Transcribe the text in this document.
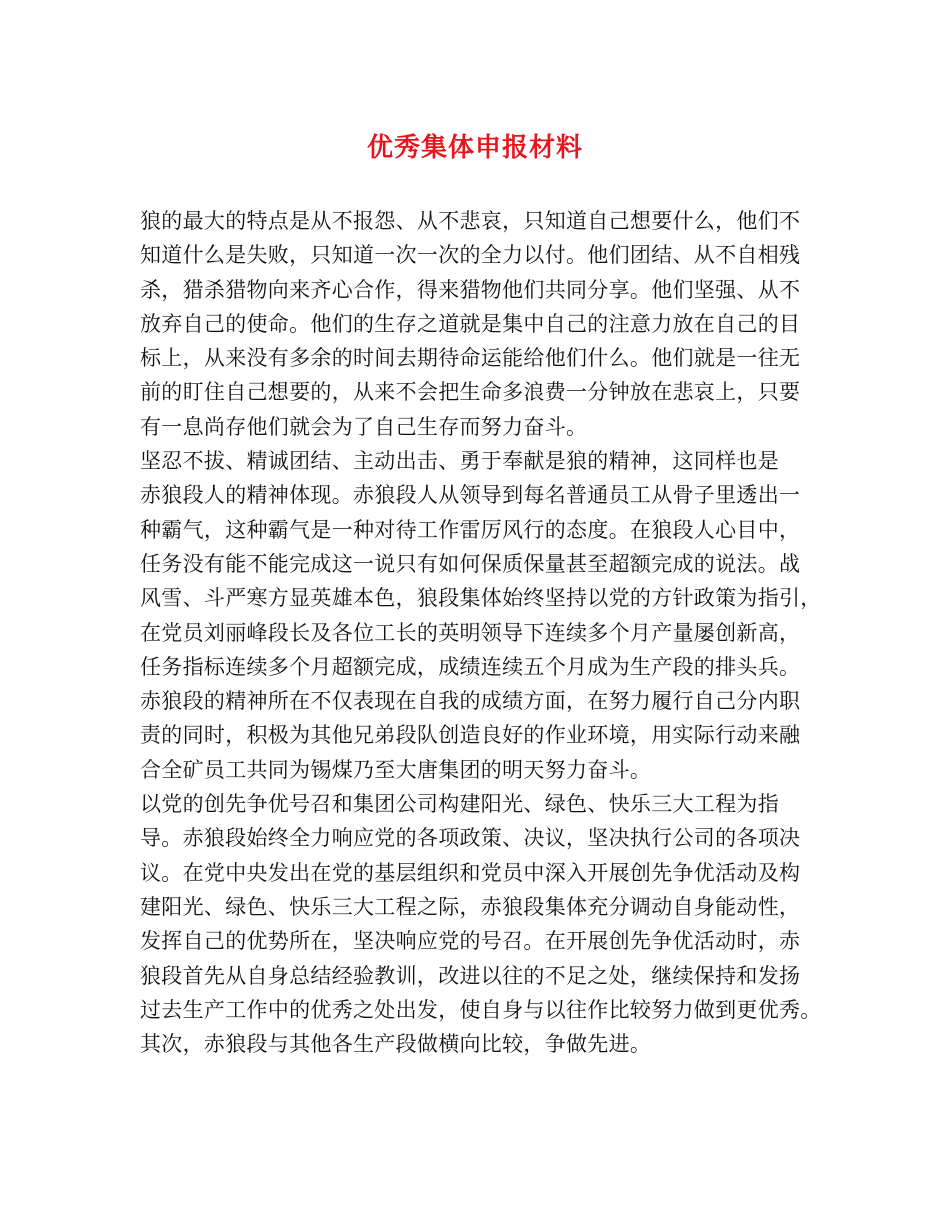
优秀集体申报材料
狼的最大的特点是从不报怨、从不悲哀，只知道自己想要什么，他们不
知道什么是失败，只知道一次一次的全力以付。他们团结、从不自相残
杀，猎杀猎物向来齐心合作，得来猎物他们共同分享。他们坚强、从不
放弃自己的使命。他们的生存之道就是集中自己的注意力放在自己的目
标上，从来没有多余的时间去期待命运能给他们什么。他们就是一往无
前的盯住自己想要的，从来不会把生命多浪费一分钟放在悲哀上，只要
有一息尚存他们就会为了自己生存而努力奋斗。
坚忍不拔、精诚团结、主动出击、勇于奉献是狼的精神，这同样也是
赤狼段人的精神体现。赤狼段人从领导到每名普通员工从骨子里透出一
种霸气，这种霸气是一种对待工作雷厉风行的态度。在狼段人心目中，
任务没有能不能完成这一说只有如何保质保量甚至超额完成的说法。战
风雪、斗严寒方显英雄本色，狼段集体始终坚持以党的方针政策为指引，
在党员刘丽峰段长及各位工长的英明领导下连续多个月产量屡创新高，
任务指标连续多个月超额完成，成绩连续五个月成为生产段的排头兵。
赤狼段的精神所在不仅表现在自我的成绩方面，在努力履行自己分内职
责的同时，积极为其他兄弟段队创造良好的作业环境，用实际行动来融
合全矿员工共同为锡煤乃至大唐集团的明天努力奋斗。
以党的创先争优号召和集团公司构建阳光、绿色、快乐三大工程为指
导。赤狼段始终全力响应党的各项政策、决议，坚决执行公司的各项决
议。在党中央发出在党的基层组织和党员中深入开展创先争优活动及构
建阳光、绿色、快乐三大工程之际，赤狼段集体充分调动自身能动性，
发挥自己的优势所在，坚决响应党的号召。在开展创先争优活动时，赤
狼段首先从自身总结经验教训，改进以往的不足之处，继续保持和发扬
过去生产工作中的优秀之处出发，使自身与以往作比较努力做到更优秀。
其次，赤狼段与其他各生产段做横向比较，争做先进。
